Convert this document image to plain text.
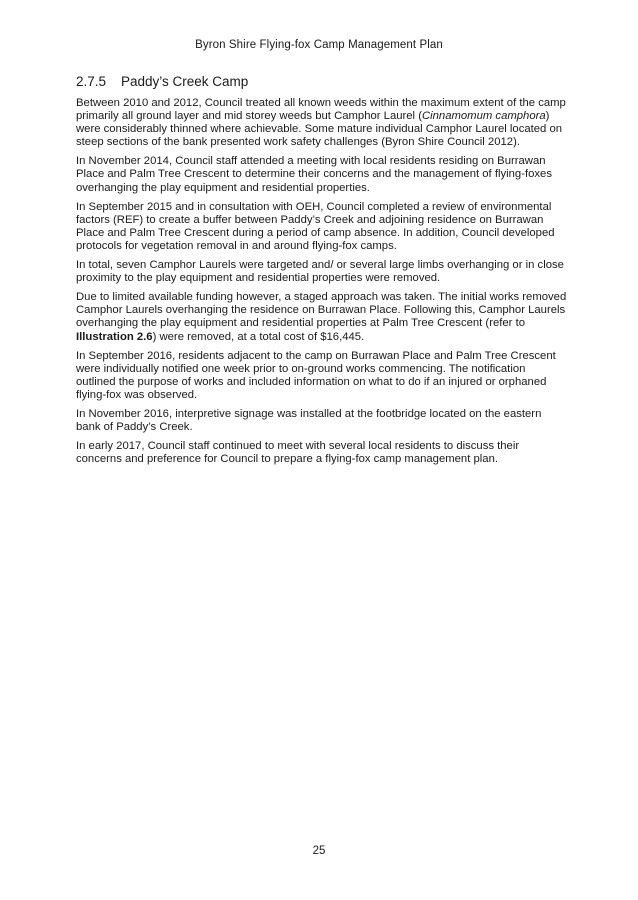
Byron Shire Flying-fox Camp Management Plan
2.7.5 Paddy’s Creek Camp

Between 2010 and 2012, Council treated all known weeds within the maximum extent of the camp primarily all ground layer and mid storey weeds but Camphor Laurel (Cinnamomum camphora) were considerably thinned where achievable. Some mature individual Camphor Laurel located on steep sections of the bank presented work safety challenges (Byron Shire Council 2012).

In November 2014, Council staff attended a meeting with local residents residing on Burrawan Place and Palm Tree Crescent to determine their concerns and the management of flying-foxes overhanging the play equipment and residential properties.

In September 2015 and in consultation with OEH, Council completed a review of environmental factors (REF) to create a buffer between Paddy’s Creek and adjoining residence on Burrawan Place and Palm Tree Crescent during a period of camp absence. In addition, Council developed protocols for vegetation removal in and around flying-fox camps.

In total, seven Camphor Laurels were targeted and/ or several large limbs overhanging or in close proximity to the play equipment and residential properties were removed.

Due to limited available funding however, a staged approach was taken. The initial works removed Camphor Laurels overhanging the residence on Burrawan Place. Following this, Camphor Laurels overhanging the play equipment and residential properties at Palm Tree Crescent (refer to Illustration 2.6) were removed, at a total cost of $16,445.

In September 2016, residents adjacent to the camp on Burrawan Place and Palm Tree Crescent were individually notified one week prior to on-ground works commencing. The notification outlined the purpose of works and included information on what to do if an injured or orphaned flying-fox was observed.

In November 2016, interpretive signage was installed at the footbridge located on the eastern bank of Paddy’s Creek.

In early 2017, Council staff continued to meet with several local residents to discuss their concerns and preference for Council to prepare a flying-fox camp management plan.

25
